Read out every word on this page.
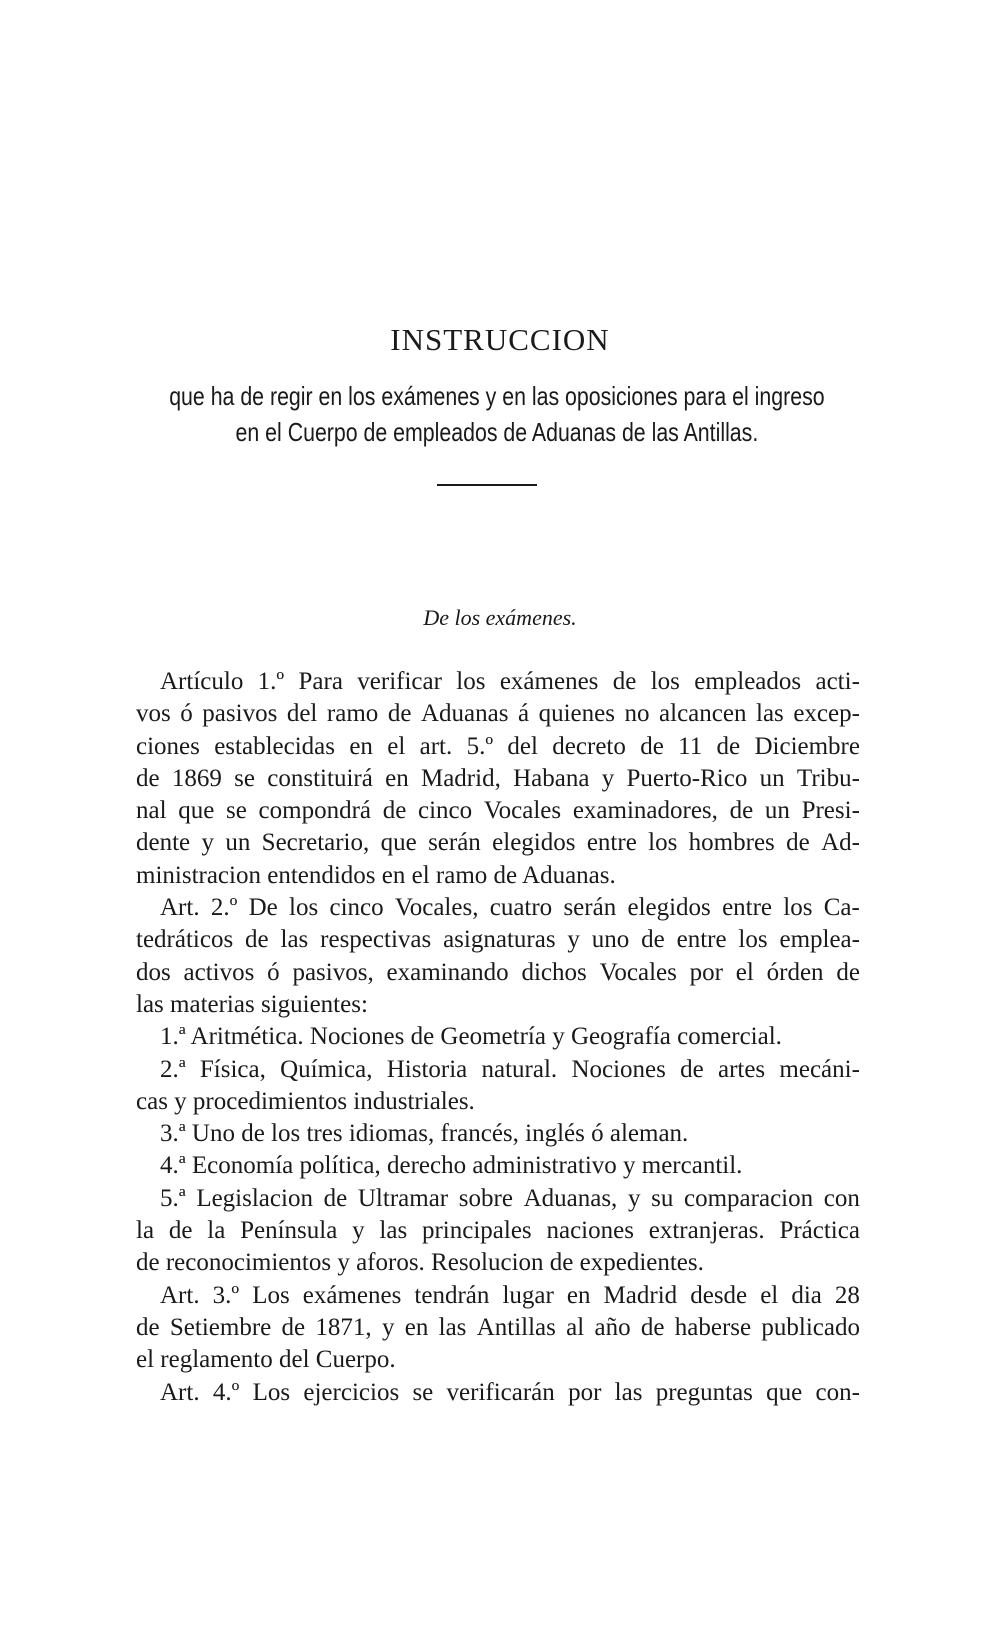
INSTRUCCION
que ha de regir en los exámenes y en las oposiciones para el ingreso
en el Cuerpo de empleados de Aduanas de las Antillas.
De los exámenes.
Artículo 1.º Para verificar los exámenes de los empleados acti-
vos ó pasivos del ramo de Aduanas á quienes no alcancen las excep-
ciones establecidas en el art. 5.º del decreto de 11 de Diciembre
de 1869 se constituirá en Madrid, Habana y Puerto-Rico un Tribu-
nal que se compondrá de cinco Vocales examinadores, de un Presi-
dente y un Secretario, que serán elegidos entre los hombres de Ad-
ministracion entendidos en el ramo de Aduanas.
Art. 2.º De los cinco Vocales, cuatro serán elegidos entre los Ca-
tedráticos de las respectivas asignaturas y uno de entre los emplea-
dos activos ó pasivos, examinando dichos Vocales por el órden de
las materias siguientes:
1.ª Aritmética. Nociones de Geometría y Geografía comercial.
2.ª Física, Química, Historia natural. Nociones de artes mecáni-
cas y procedimientos industriales.
3.ª Uno de los tres idiomas, francés, inglés ó aleman.
4.ª Economía política, derecho administrativo y mercantil.
5.ª Legislacion de Ultramar sobre Aduanas, y su comparacion con
la de la Península y las principales naciones extranjeras. Práctica
de reconocimientos y aforos. Resolucion de expedientes.
Art. 3.º Los exámenes tendrán lugar en Madrid desde el dia 28
de Setiembre de 1871, y en las Antillas al año de haberse publicado
el reglamento del Cuerpo.
Art. 4.º Los ejercicios se verificarán por las preguntas que con-
